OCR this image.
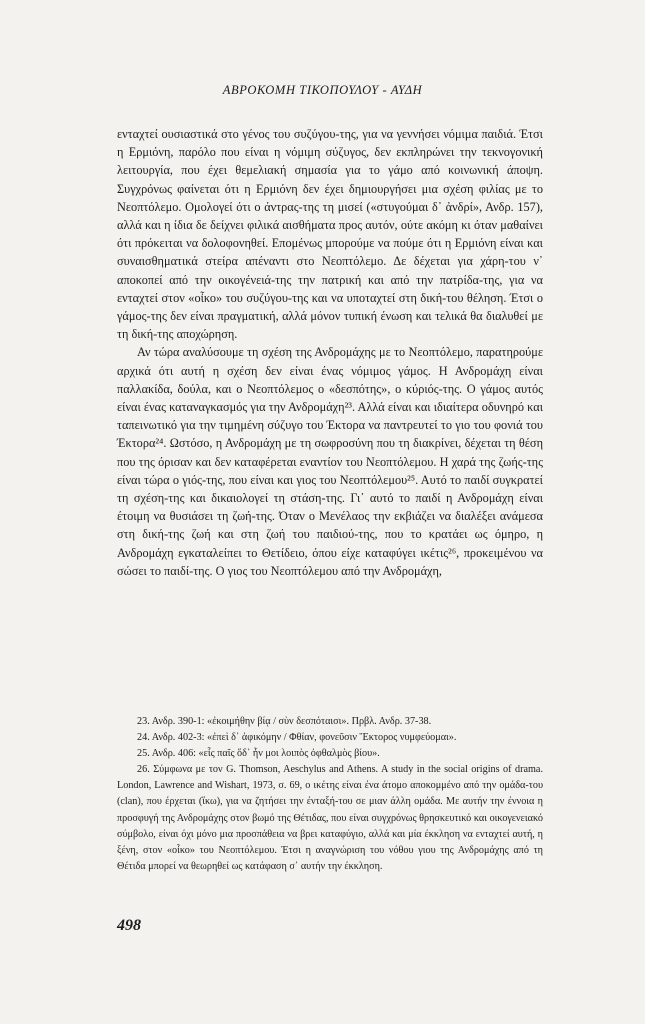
ΑΒΡΟΚΟΜΗ ΤΙΚΟΠΟΥΛΟΥ - ΑΥΔΗ

ενταχτεί ουσιαστικά στο γένος του συζύγου-της, για να γεννήσει νόμιμα παιδιά. Έτσι η Ερμιόνη, παρόλο που είναι η νόμιμη σύζυγος, δεν εκπληρώνει την τεκνογονική λειτουργία, που έχει θεμελιακή σημασία για το γάμο από κοινωνική άποψη. Συγχρόνως φαίνεται ότι η Ερμιόνη δεν έχει δημιουργήσει μια σχέση φιλίας με το Νεοπτόλεμο. Ομολογεί ότι ο άντρας-της τη μισεί («στυγούμαι δ᾽ ἀνδρί», Ανδρ. 157), αλλά και η ίδια δε δείχνει φιλικά αισθήματα προς αυτόν, ούτε ακόμη κι όταν μαθαίνει ότι πρόκειται να δολοφονηθεί. Επομένως μπορούμε να πούμε ότι η Ερμιόνη είναι και συναισθηματικά στείρα απέναντι στο Νεοπτόλεμο. Δε δέχεται για χάρη-του ν᾽ αποκοπεί από την οικογένειά-της την πατρική και από την πατρίδα-της, για να ενταχτεί στον «οἶκο» του συζύγου-της και να υποταχτεί στη δική-του θέληση. Έτσι ο γάμος-της δεν είναι πραγματική, αλλά μόνον τυπική ένωση και τελικά θα διαλυθεί με τη δική-της αποχώρηση.

Αν τώρα αναλύσουμε τη σχέση της Ανδρομάχης με το Νεοπτόλεμο, παρατηρούμε αρχικά ότι αυτή η σχέση δεν είναι ένας νόμιμος γάμος. Η Ανδρομάχη είναι παλλακίδα, δούλα, και ο Νεοπτόλεμος ο «δεσπότης», ο κύριός-της. Ο γάμος αυτός είναι ένας καταναγκασμός για την Ανδρομάχη²³. Αλλά είναι και ιδιαίτερα οδυνηρό και ταπεινωτικό για την τιμημένη σύζυγο του Έκτορα να παντρευτεί το γιο του φονιά του Έκτορα²⁴. Ωστόσο, η Ανδρομάχη με τη σωφροσύνη που τη διακρίνει, δέχεται τη θέση που της όρισαν και δεν καταφέρεται εναντίον του Νεοπτόλεμου. Η χαρά της ζωής-της είναι τώρα ο γιός-της, που είναι και γιος του Νεοπτόλεμου²⁵. Αυτό το παιδί συγκρατεί τη σχέση-της και δικαιολογεί τη στάση-της. Γι᾽ αυτό το παιδί η Ανδρομάχη είναι έτοιμη να θυσιάσει τη ζωή-της. Όταν ο Μενέλαος την εκβιάζει να διαλέξει ανάμεσα στη δική-της ζωή και στη ζωή του παιδιού-της, που το κρατάει ως όμηρο, η Ανδρομάχη εγκαταλείπει το Θετίδειο, όπου είχε καταφύγει ικέτις²⁶, προκειμένου να σώσει το παιδί-της. Ο γιος του Νεοπτόλεμου από την Ανδρομάχη,

23. Ανδρ. 390-1: «ἐκοιμήθην βίᾳ / σὺν δεσπόταισι». Πρβλ. Ανδρ. 37-38.

24. Ανδρ. 402-3: «ἐπεὶ δ᾽ ἀφικόμην / Φθίαν, φονεῦσιν Ἕκτορος νυμφεύομαι».

25. Ανδρ. 406: «εἷς παῖς ὅδ᾽ ἦν μοι λοιπὸς ὀφθαλμὸς βίου».

26. Σύμφωνα με τον G. Thomson, Aeschylus and Athens. A study in the social origins of drama. London, Lawrence and Wishart, 1973, σ. 69, ο ικέτης είναι ένα άτομο αποκομμένο από την ομάδα-του (clan), που έρχεται (ἵκω), για να ζητήσει την ένταξή-του σε μιαν άλλη ομάδα. Με αυτήν την έννοια η προσφυγή της Ανδρομάχης στον βωμό της Θέτιδας, που είναι συγχρόνως θρησκευτικό και οικογενειακό σύμβολο, είναι όχι μόνο μια προσπάθεια να βρει καταφύγιο, αλλά και μία έκκληση να ενταχτεί αυτή, η ξένη, στον «οἶκο» του Νεοπτόλεμου. Έτσι η αναγνώριση του νόθου γιου της Ανδρομάχης από τη Θέτιδα μπορεί να θεωρηθεί ως κατάφαση σ᾽ αυτήν την έκκληση.

498
